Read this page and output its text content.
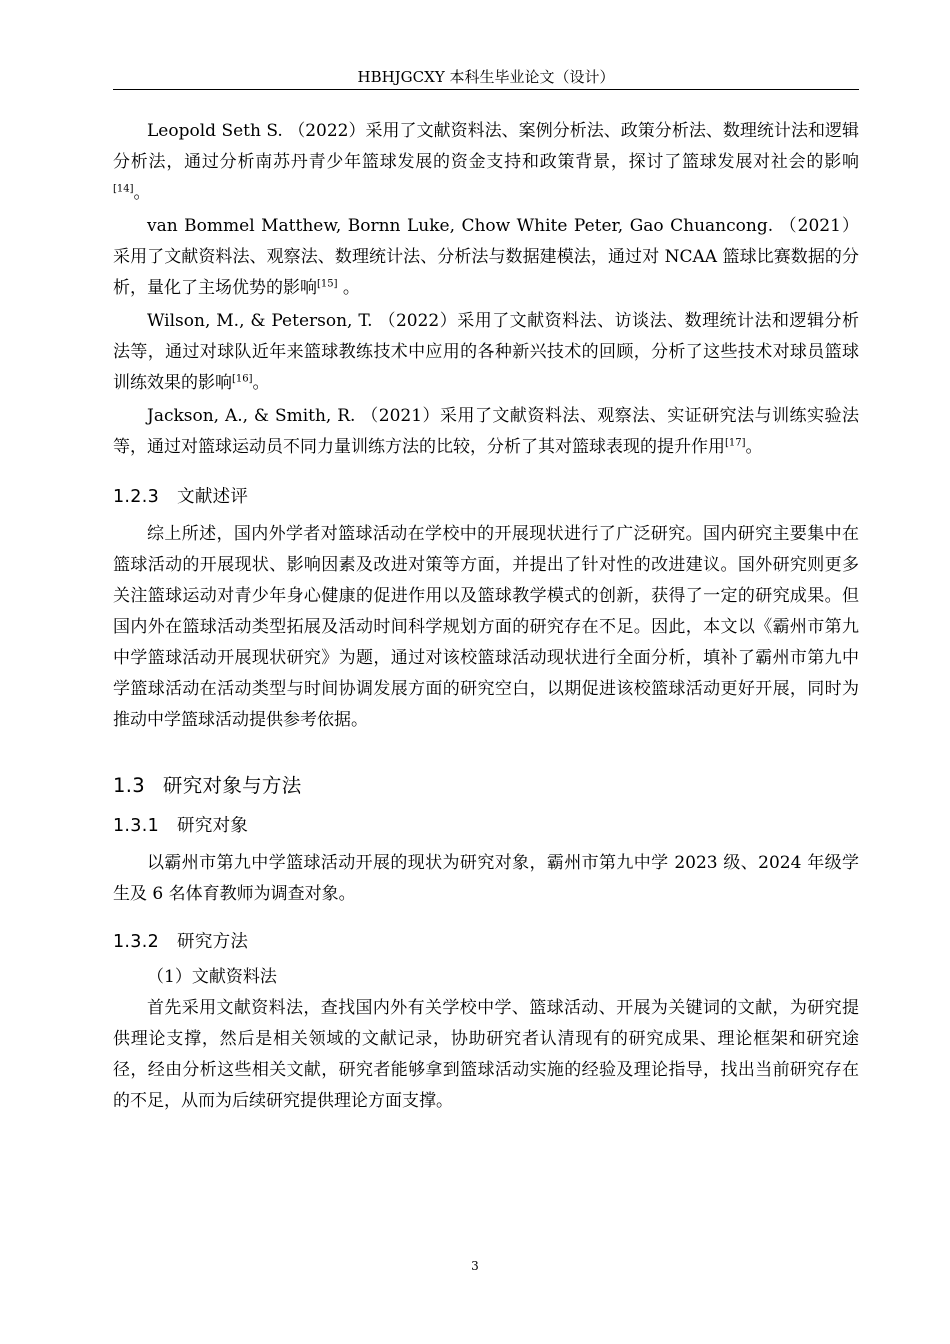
HBHJGCXY 本科生毕业论文（设计）

Leopold Seth S. （2022）采用了文献资料法、案例分析法、政策分析法、数理统计法和逻辑分析法，通过分析南苏丹青少年篮球发展的资金支持和政策背景，探讨了篮球发展对社会的影响[14]。

van Bommel Matthew, Bornn Luke, Chow White Peter, Gao Chuancong. （2021）采用了文献资料法、观察法、数理统计法、分析法与数据建模法，通过对 NCAA 篮球比赛数据的分析，量化了主场优势的影响[15] 。

Wilson, M., & Peterson, T. （2022）采用了文献资料法、访谈法、数理统计法和逻辑分析法等，通过对球队近年来篮球教练技术中应用的各种新兴技术的回顾，分析了这些技术对球员篮球训练效果的影响[16]。

Jackson, A., & Smith, R. （2021）采用了文献资料法、观察法、实证研究法与训练实验法等，通过对篮球运动员不同力量训练方法的比较，分析了其对篮球表现的提升作用[17]。

1.2.3 文献述评

综上所述，国内外学者对篮球活动在学校中的开展现状进行了广泛研究。国内研究主要集中在篮球活动的开展现状、影响因素及改进对策等方面，并提出了针对性的改进建议。国外研究则更多关注篮球运动对青少年身心健康的促进作用以及篮球教学模式的创新，获得了一定的研究成果。但国内外在篮球活动类型拓展及活动时间科学规划方面的研究存在不足。因此，本文以《霸州市第九中学篮球活动开展现状研究》为题，通过对该校篮球活动现状进行全面分析，填补了霸州市第九中学篮球活动在活动类型与时间协调发展方面的研究空白，以期促进该校篮球活动更好开展，同时为推动中学篮球活动提供参考依据。

1.3 研究对象与方法
1.3.1 研究对象

以霸州市第九中学篮球活动开展的现状为研究对象，霸州市第九中学 2023 级、2024 年级学生及 6 名体育教师为调查对象。

1.3.2 研究方法

（1）文献资料法

首先采用文献资料法，查找国内外有关学校中学、篮球活动、开展为关键词的文献，为研究提供理论支撑，然后是相关领域的文献记录，协助研究者认清现有的研究成果、理论框架和研究途径，经由分析这些相关文献，研究者能够拿到篮球活动实施的经验及理论指导，找出当前研究存在的不足，从而为后续研究提供理论方面支撑。

3
